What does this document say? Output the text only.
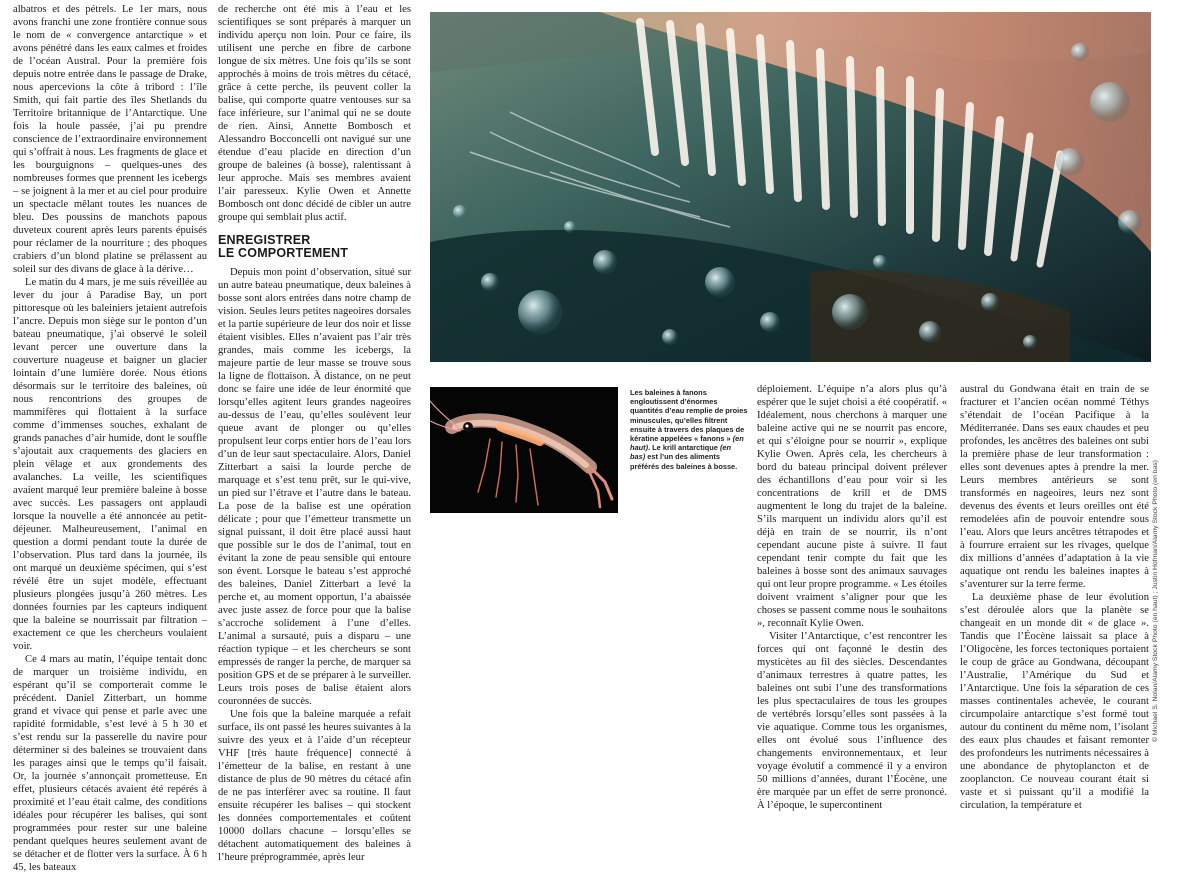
albatros et des pétrels. Le 1er mars, nous avons franchi une zone frontière connue sous le nom de « convergence antarctique » et avons pénétré dans les eaux calmes et froides de l’océan Austral. Pour la première fois depuis notre entrée dans le passage de Drake, nous apercevions la côte à tribord : l’île Smith, qui fait partie des îles Shetlands du Territoire britannique de l’Antarctique. Une fois la houle passée, j’ai pu prendre conscience de l’extraordinaire environnement qui s’offrait à nous. Les fragments de glace et les bourguignons – quelques-unes des nombreuses formes que prennent les icebergs – se joignent à la mer et au ciel pour produire un spectacle mêlant toutes les nuances de bleu. Des poussins de manchots papous duveteux courent après leurs parents épuisés pour réclamer de la nourriture ; des phoques crabiers d’un blond platine se prélassent au soleil sur des divans de glace à la dérive…

Le matin du 4 mars, je me suis réveillée au lever du jour à Paradise Bay, un port pittoresque où les baleiniers jetaient autrefois l’ancre. Depuis mon siège sur le ponton d’un bateau pneumatique, j’ai observé le soleil levant percer une ouverture dans la couverture nuageuse et baigner un glacier lointain d’une lumière dorée. Nous étions désormais sur le territoire des baleines, où nous rencontrions des groupes de mammifères qui flottaient à la surface comme d’immenses souches, exhalant de grands panaches d’air humide, dont le souffle s’ajoutait aux craquements des glaciers en plein vêlage et aux grondements des avalanches. La veille, les scientifiques avaient marqué leur première baleine à bosse avec succès. Les passagers ont applaudi lorsque la nouvelle a été annoncée au petit-déjeuner. Malheureusement, l’animal en question a dormi pendant toute la durée de l’observation. Plus tard dans la journée, ils ont marqué un deuxième spécimen, qui s’est révélé être un sujet modèle, effectuant plusieurs plongées jusqu’à 260 mètres. Les données fournies par les capteurs indiquent que la baleine se nourrissait par filtration – exactement ce que les chercheurs voulaient voir.

Ce 4 mars au matin, l’équipe tentait donc de marquer un troisième individu, en espérant qu’il se comporterait comme le précédent. Daniel Zitterbart, un homme grand et vivace qui pense et parle avec une rapidité formidable, s’est levé à 5 h 30 et s’est rendu sur la passerelle du navire pour déterminer si des baleines se trouvaient dans les parages ainsi que le temps qu’il faisait. Or, la journée s’annonçait prometteuse. En effet, plusieurs cétacés avaient été repérés à proximité et l’eau était calme, des conditions idéales pour récupérer les balises, qui sont programmées pour rester sur une baleine pendant quelques heures seulement avant de se détacher et de flotter vers la surface. À 6 h 45, les bateaux

de recherche ont été mis à l’eau et les scientifiques se sont préparés à marquer un individu aperçu non loin. Pour ce faire, ils utilisent une perche en fibre de carbone longue de six mètres. Une fois qu’ils se sont approchés à moins de trois mètres du cétacé, grâce à cette perche, ils peuvent coller la balise, qui comporte quatre ventouses sur sa face inférieure, sur l’animal qui ne se doute de rien. Ainsi, Annette Bombosch et Alessandro Bocconcelli ont navigué sur une étendue d’eau placide en direction d’un groupe de baleines (à bosse), ralentissant à leur approche. Mais ses membres avaient l’air paresseux. Kylie Owen et Annette Bombosch ont donc décidé de cibler un autre groupe qui semblait plus actif.

ENREGISTRER
LE COMPORTEMENT

Depuis mon point d’observation, situé sur un autre bateau pneumatique, deux baleines à bosse sont alors entrées dans notre champ de vision. Seules leurs petites nageoires dorsales et la partie supérieure de leur dos noir et lisse étaient visibles. Elles n’avaient pas l’air très grandes, mais comme les icebergs, la majeure partie de leur masse se trouve sous la ligne de flottaison. À distance, on ne peut donc se faire une idée de leur énormité que lorsqu’elles agitent leurs grandes nageoires au-dessus de l’eau, qu’elles soulèvent leur queue avant de plonger ou qu’elles propulsent leur corps entier hors de l’eau lors d’un de leur saut spectaculaire. Alors, Daniel Zitterbart a saisi la lourde perche de marquage et s’est tenu prêt, sur le qui-vive, un pied sur l’étrave et l’autre dans le bateau. La pose de la balise est une opération délicate ; pour que l’émetteur transmette un signal puissant, il doit être placé aussi haut que possible sur le dos de l’animal, tout en évitant la zone de peau sensible qui entoure son évent. Lorsque le bateau s’est approché des baleines, Daniel Zitterbart a levé la perche et, au moment opportun, l’a abaissée avec juste assez de force pour que la balise s’accroche solidement à l’une d’elles. L’animal a sursauté, puis a disparu – une réaction typique – et les chercheurs se sont empressés de ranger la perche, de marquer sa position GPS et de se préparer à le surveiller. Leurs trois poses de balise étaient alors couronnées de succès.

Une fois que la baleine marquée a refait surface, ils ont passé les heures suivantes à la suivre des yeux et à l’aide d’un récepteur VHF [très haute fréquence] connecté à l’émetteur de la balise, en restant à une distance de plus de 90 mètres du cétacé afin de ne pas interférer avec sa routine. Il faut ensuite récupérer les balises – qui stockent les données comportementales et coûtent 10000 dollars chacune – lorsqu’elles se détachent automatiquement des baleines à l’heure préprogrammée, après leur

Les baleines à fanons engloutissent d’énormes quantités d’eau remplie de proies minuscules, qu’elles filtrent ensuite à travers des plaques de kératine appelées « fanons » (en haut). Le krill antarctique (en bas) est l’un des aliments préférés des baleines à bosse.

déploiement. L’équipe n’a alors plus qu’à espérer que le sujet choisi a été coopératif. « Idéalement, nous cherchons à marquer une baleine active qui ne se nourrit pas encore, et qui s’éloigne pour se nourrir », explique Kylie Owen. Après cela, les chercheurs à bord du bateau principal doivent prélever des échantillons d’eau pour voir si les concentrations de krill et de DMS augmentent le long du trajet de la baleine. S’ils marquent un individu alors qu’il est déjà en train de se nourrir, ils n’ont cependant aucune piste à suivre. Il faut cependant tenir compte du fait que les baleines à bosse sont des animaux sauvages qui ont leur propre programme. « Les étoiles doivent vraiment s’aligner pour que les choses se passent comme nous le souhaitons », reconnaît Kylie Owen.

Visiter l’Antarctique, c’est rencontrer les forces qui ont façonné le destin des mysticètes au fil des siècles. Descendantes d’animaux terrestres à quatre pattes, les baleines ont subi l’une des transformations les plus spectaculaires de tous les groupes de vertébrés lorsqu’elles sont passées à la vie aquatique. Comme tous les organismes, elles ont évolué sous l’influence des changements environnementaux, et leur voyage évolutif a commencé il y a environ 50 millions d’années, durant l’Éocène, une ère marquée par un effet de serre prononcé. À l’époque, le supercontinent

austral du Gondwana était en train de se fracturer et l’ancien océan nommé Téthys s’étendait de l’océan Pacifique à la Méditerranée. Dans ses eaux chaudes et peu profondes, les ancêtres des baleines ont subi la première phase de leur transformation : elles sont devenues aptes à prendre la mer. Leurs membres antérieurs se sont transformés en nageoires, leurs nez sont devenus des évents et leurs oreilles ont été remodelées afin de pouvoir entendre sous l’eau. Alors que leurs ancêtres tétrapodes et à fourrure erraient sur les rivages, quelque dix millions d’années d’adaptation à la vie aquatique ont rendu les baleines inaptes à s’aventurer sur la terre ferme.

La deuxième phase de leur évolution s’est déroulée alors que la planète se changeait en un monde dit « de glace ». Tandis que l’Éocène laissait sa place à l’Oligocène, les forces tectoniques portaient le coup de grâce au Gondwana, découpant l’Australie, l’Amérique du Sud et l’Antarctique. Une fois la séparation de ces masses continentales achevée, le courant circumpolaire antarctique s’est formé tout autour du continent du même nom, l’isolant des eaux plus chaudes et faisant remonter des profondeurs les nutriments nécessaires à une abondance de phytoplancton et de zooplancton. Ce nouveau courant était si vaste et si puissant qu’il a modifié la circulation, la température et

© Michael S. Nolan/Alamy Stock Photo (en haut) ; Justin Hofman/Alamy Stock Photo (en bas)
